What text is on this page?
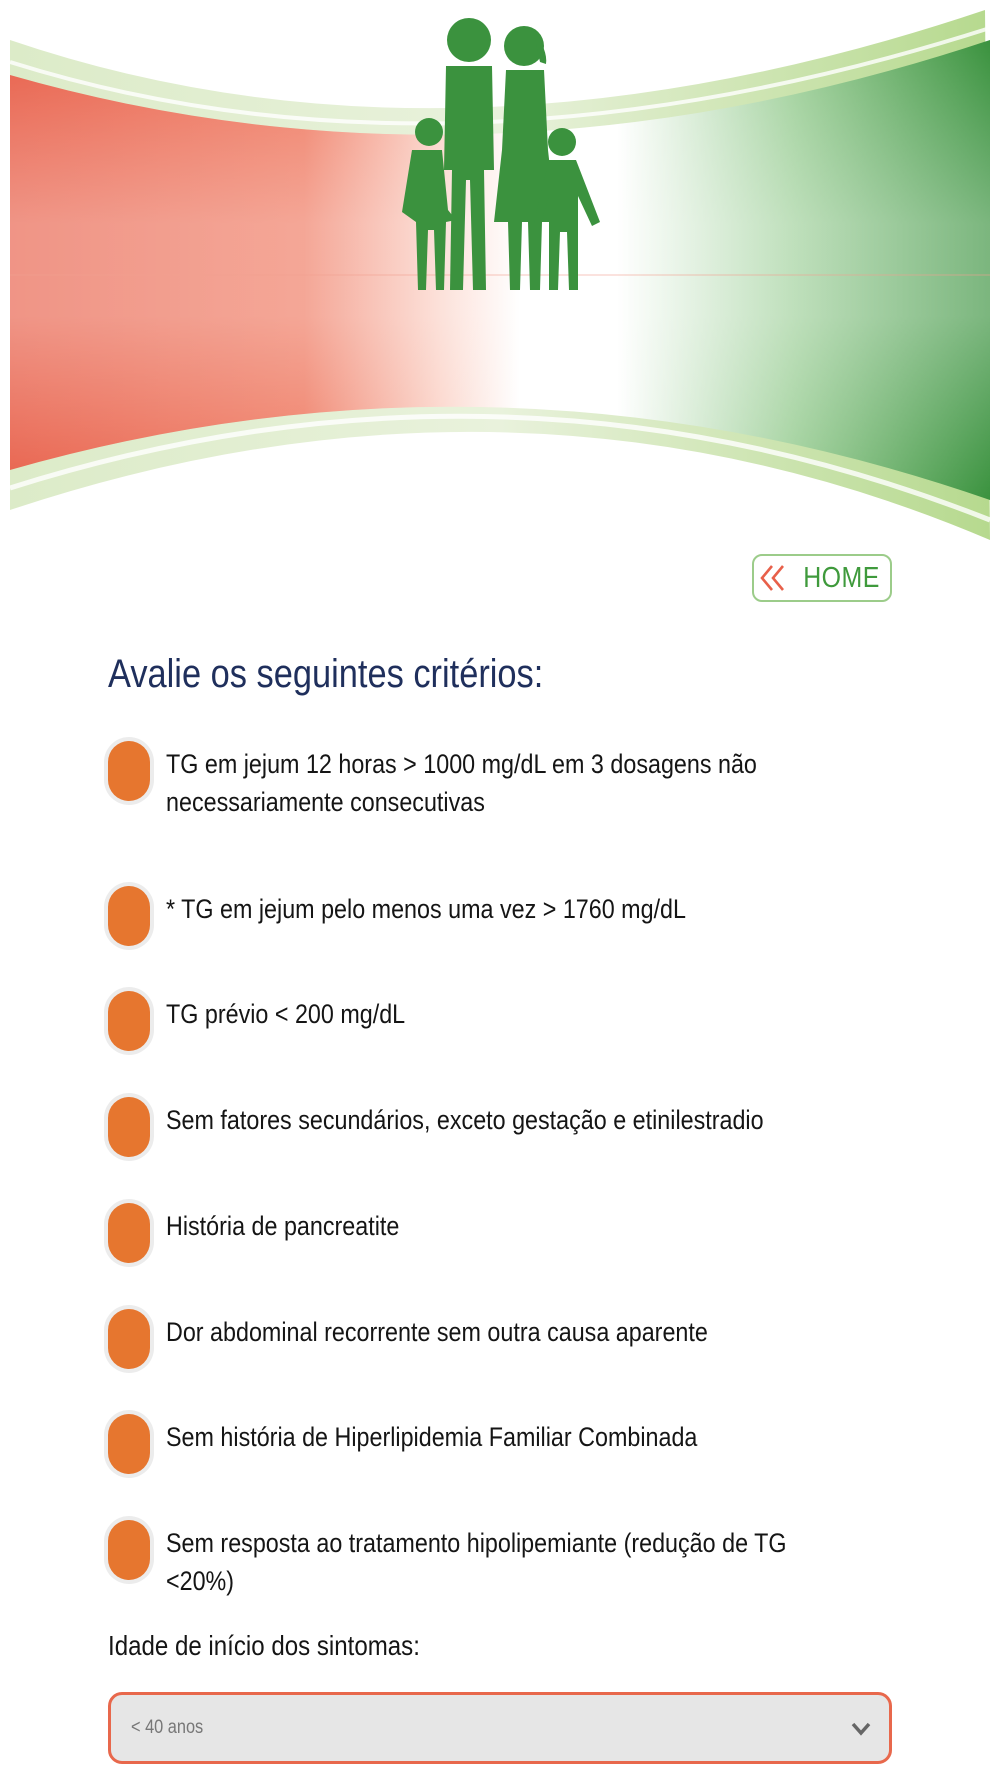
HOME
Avalie os seguintes critérios:
TG em jejum 12 horas > 1000 mg/dL em 3 dosagens não necessariamente consecutivas
* TG em jejum pelo menos uma vez > 1760 mg/dL
TG prévio < 200 mg/dL
Sem fatores secundários, exceto gestação e etinilestradio
História de pancreatite
Dor abdominal recorrente sem outra causa aparente
Sem história de Hiperlipidemia Familiar Combinada
Sem resposta ao tratamento hipolipemiante (redução de TG <20%)

Idade de início dos sintomas:

< 40 anos
